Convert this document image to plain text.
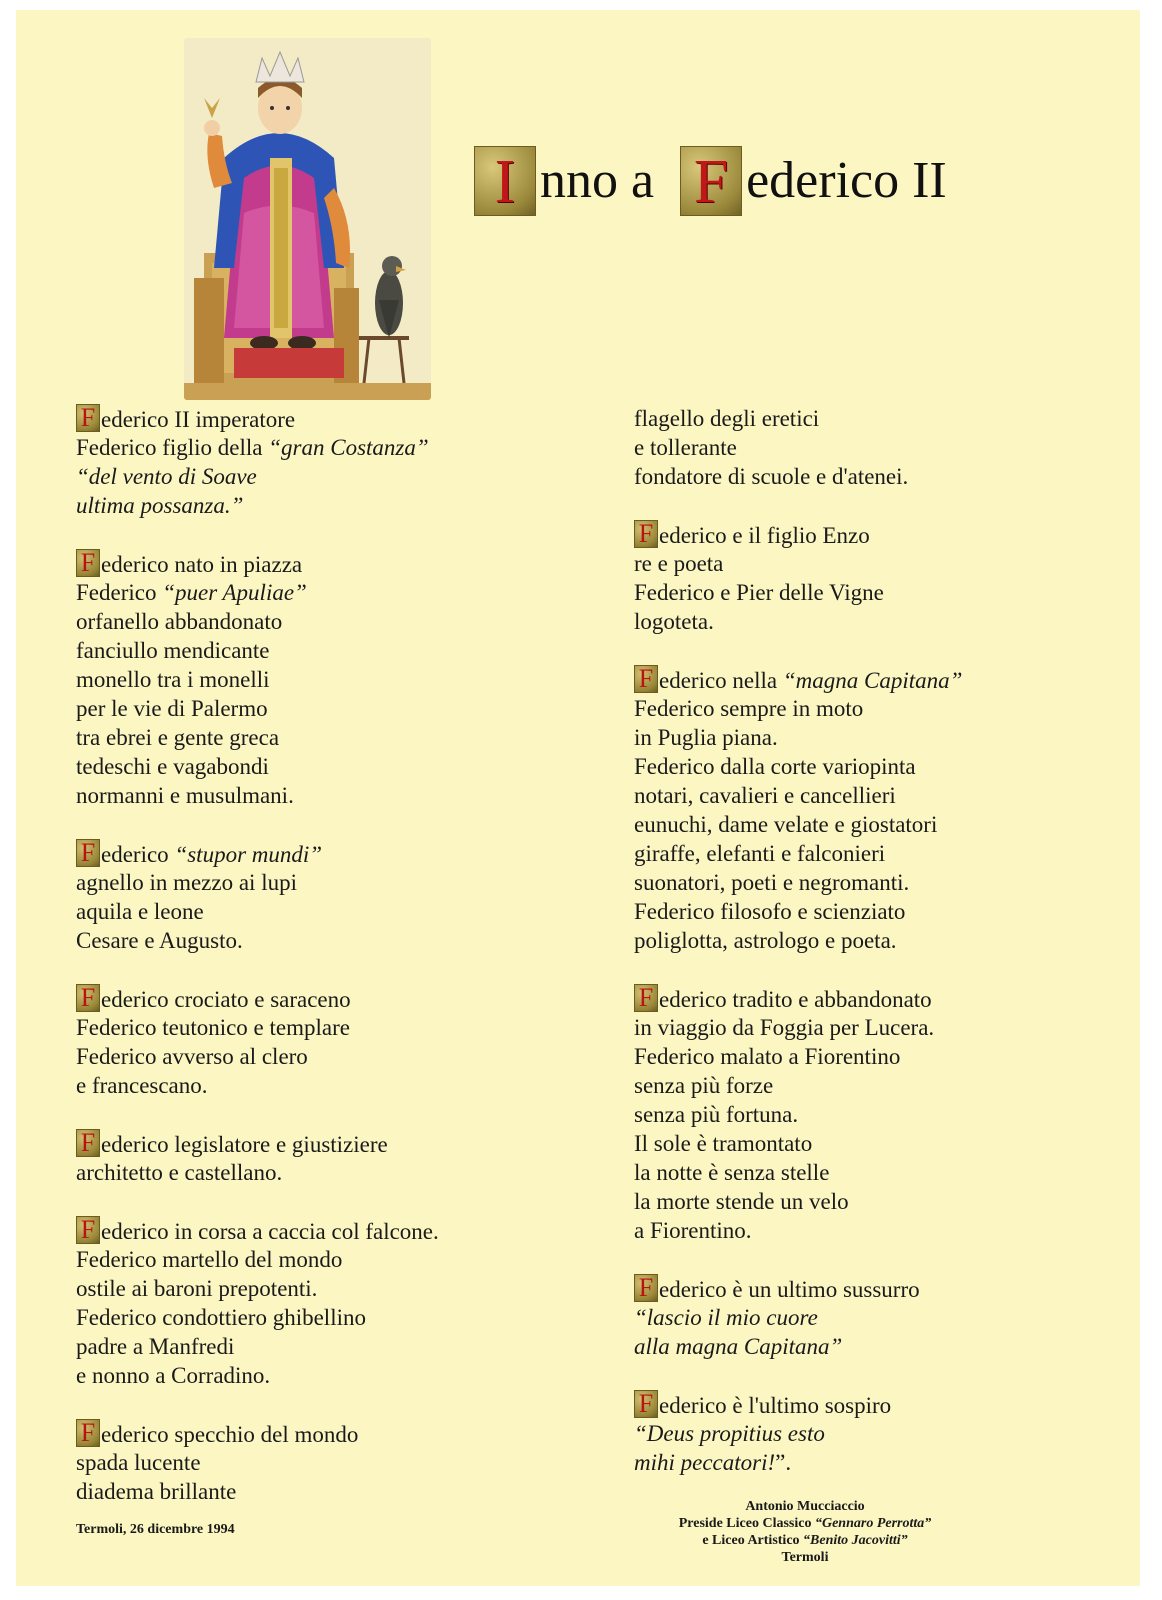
I nno a F ederico II
F ederico II imperatore
Federico figlio della “gran Costanza”
“del vento di Soave
ultima possanza.”
F ederico nato in piazza
Federico “puer Apuliae”
orfanello abbandonato
fanciullo mendicante
monello tra i monelli
per le vie di Palermo
tra ebrei e gente greca
tedeschi e vagabondi
normanni e musulmani.
F ederico “stupor mundi”
agnello in mezzo ai lupi
aquila e leone
Cesare e Augusto.
F ederico crociato e saraceno
Federico teutonico e templare
Federico avverso al clero
e francescano.
F ederico legislatore e giustiziere
architetto e castellano.
F ederico in corsa a caccia col falcone.
Federico martello del mondo
ostile ai baroni prepotenti.
Federico condottiero ghibellino
padre a Manfredi
e nonno a Corradino.
F ederico specchio del mondo
spada lucente
diadema brillante
flagello degli eretici
e tollerante
fondatore di scuole e d'atenei.
F ederico e il figlio Enzo
re e poeta
Federico e Pier delle Vigne
logoteta.
F ederico nella “magna Capitana”
Federico sempre in moto
in Puglia piana.
Federico dalla corte variopinta
notari, cavalieri e cancellieri
eunuchi, dame velate e giostatori
giraffe, elefanti e falconieri
suonatori, poeti e negromanti.
Federico filosofo e scienziato
poliglotta, astrologo e poeta.
F ederico tradito e abbandonato
in viaggio da Foggia per Lucera.
Federico malato a Fiorentino
senza più forze
senza più fortuna.
Il sole è tramontato
la notte è senza stelle
la morte stende un velo
a Fiorentino.
F ederico è un ultimo sussurro
“lascio il mio cuore
alla magna Capitana”
F ederico è l'ultimo sospiro
“Deus propitius esto
mihi peccatori!”.
Termoli, 26 dicembre 1994
Antonio Mucciaccio
Preside Liceo Classico “Gennaro Perrotta”
e Liceo Artistico “Benito Jacovitti”
Termoli
